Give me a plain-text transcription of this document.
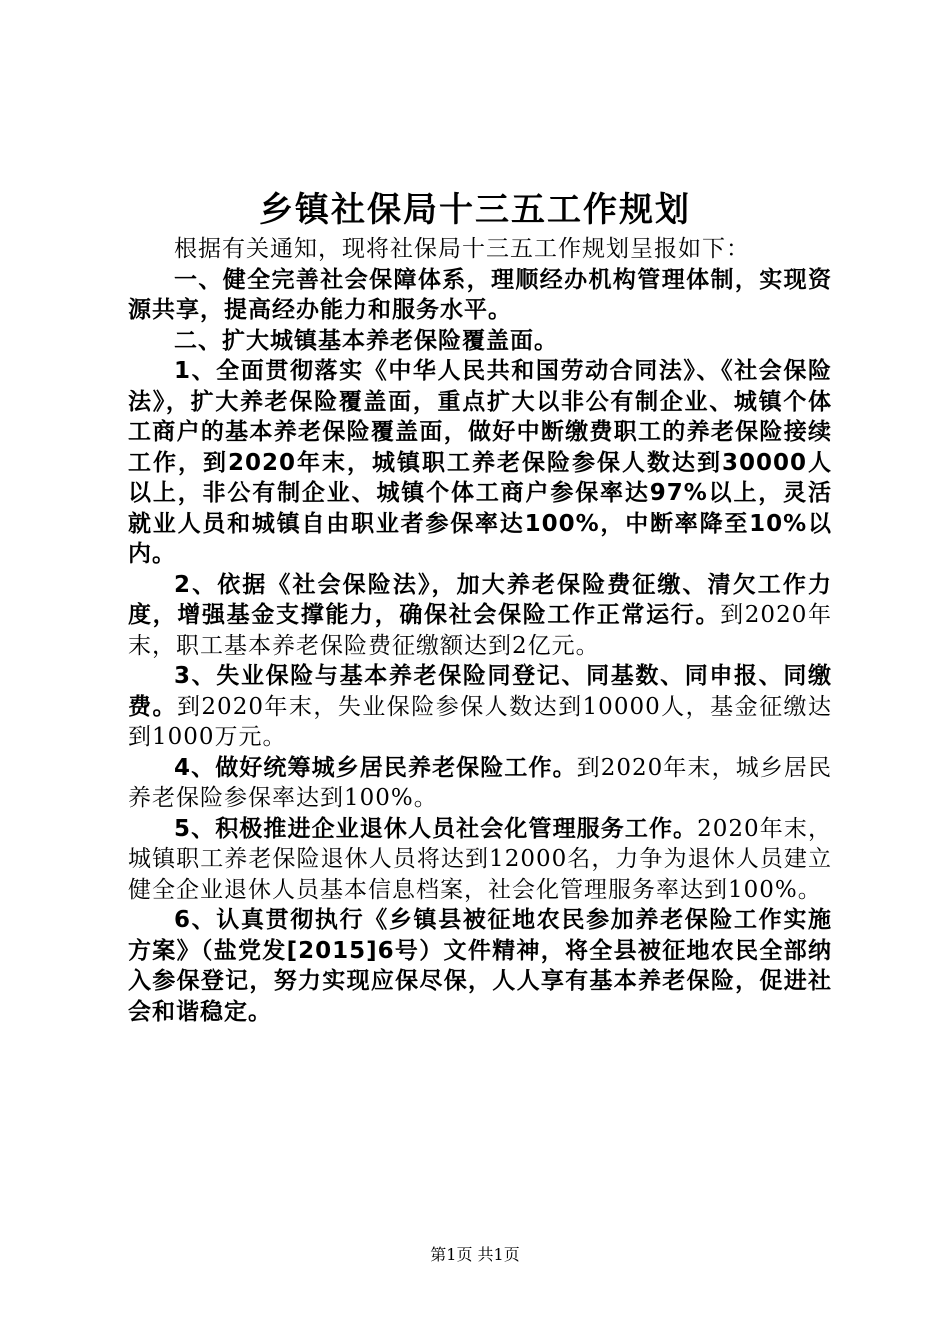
乡镇社保局十三五工作规划

根据有关通知，现将社保局十三五工作规划呈报如下：

一、健全完善社会保障体系，理顺经办机构管理体制，实现资源共享，提高经办能力和服务水平。

二、扩大城镇基本养老保险覆盖面。

1、全面贯彻落实《中华人民共和国劳动合同法》、《社会保险法》，扩大养老保险覆盖面，重点扩大以非公有制企业、城镇个体工商户的基本养老保险覆盖面，做好中断缴费职工的养老保险接续工作，到2020年末，城镇职工养老保险参保人数达到30000人以上，非公有制企业、城镇个体工商户参保率达97%以上，灵活就业人员和城镇自由职业者参保率达100%，中断率降至10%以内。

2、依据《社会保险法》，加大养老保险费征缴、清欠工作力度，增强基金支撑能力，确保社会保险工作正常运行。到2020年末，职工基本养老保险费征缴额达到2亿元。

3、失业保险与基本养老保险同登记、同基数、同申报、同缴费。到2020年末，失业保险参保人数达到10000人，基金征缴达到1000万元。

4、做好统筹城乡居民养老保险工作。到2020年末，城乡居民养老保险参保率达到100%。

5、积极推进企业退休人员社会化管理服务工作。2020年末，城镇职工养老保险退休人员将达到12000名，力争为退休人员建立健全企业退休人员基本信息档案，社会化管理服务率达到100%。

6、认真贯彻执行《乡镇县被征地农民参加养老保险工作实施方案》（盐党发[2015]6号）文件精神，将全县被征地农民全部纳入参保登记，努力实现应保尽保，人人享有基本养老保险，促进社会和谐稳定。

第1页 共1页
